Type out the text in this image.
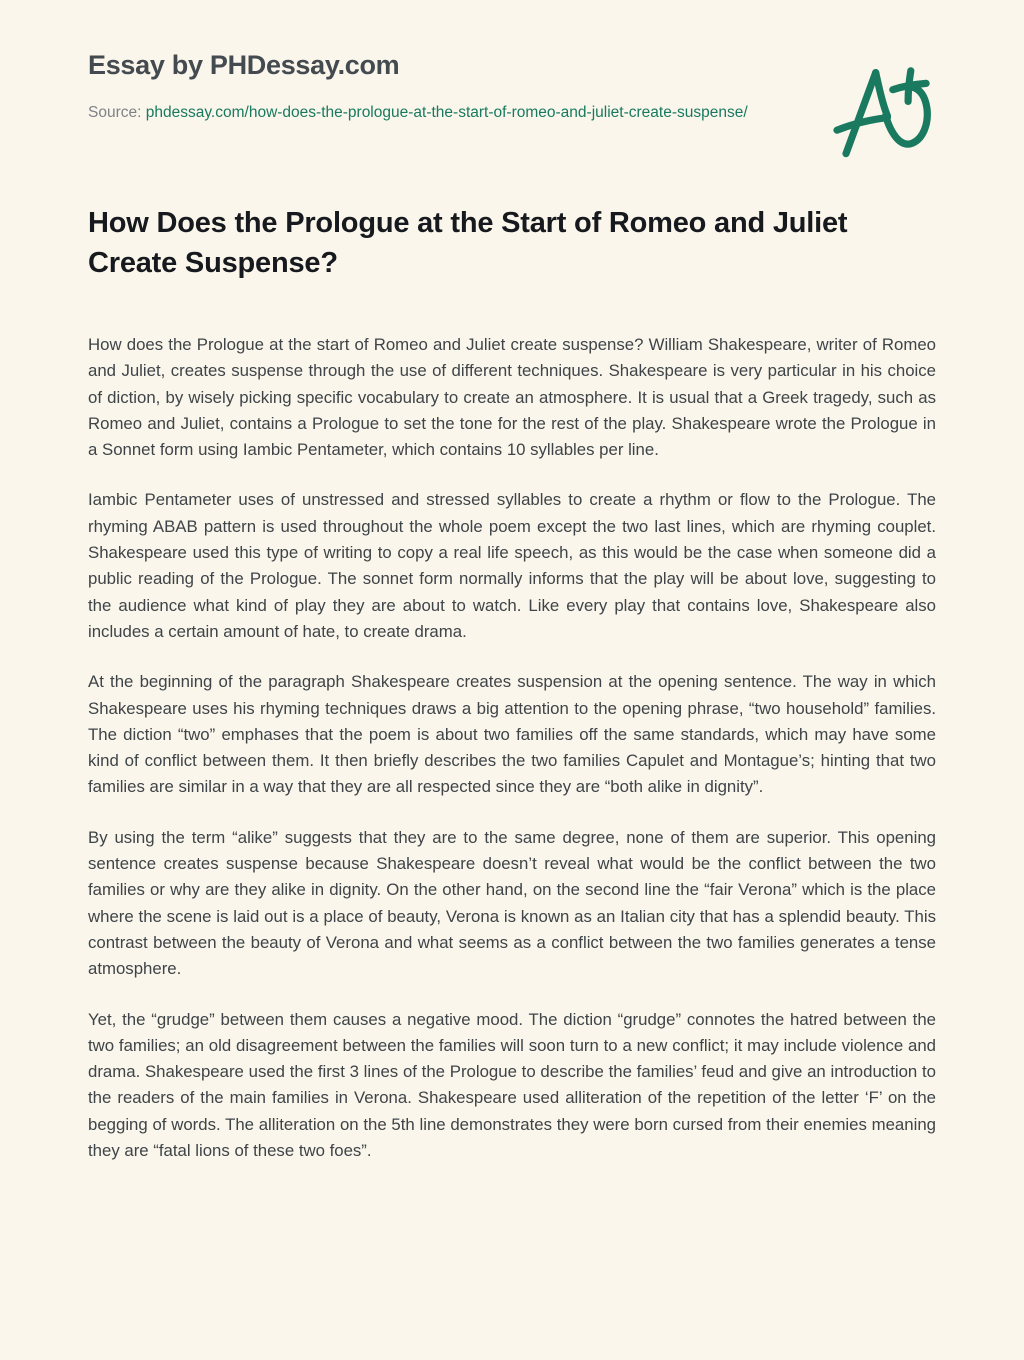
Essay by PHDessay.com
Source: phdessay.com/how-does-the-prologue-at-the-start-of-romeo-and-juliet-create-suspense/
How Does the Prologue at the Start of Romeo and Juliet Create Suspense?

How does the Prologue at the start of Romeo and Juliet create suspense? William Shakespeare, writer of Romeo and Juliet, creates suspense through the use of different techniques. Shakespeare is very particular in his choice of diction, by wisely picking specific vocabulary to create an atmosphere. It is usual that a Greek tragedy, such as Romeo and Juliet, contains a Prologue to set the tone for the rest of the play. Shakespeare wrote the Prologue in a Sonnet form using Iambic Pentameter, which contains 10 syllables per line.

Iambic Pentameter uses of unstressed and stressed syllables to create a rhythm or flow to the Prologue. The rhyming ABAB pattern is used throughout the whole poem except the two last lines, which are rhyming couplet. Shakespeare used this type of writing to copy a real life speech, as this would be the case when someone did a public reading of the Prologue. The sonnet form normally informs that the play will be about love, suggesting to the audience what kind of play they are about to watch. Like every play that contains love, Shakespeare also includes a certain amount of hate, to create drama.

At the beginning of the paragraph Shakespeare creates suspension at the opening sentence. The way in which Shakespeare uses his rhyming techniques draws a big attention to the opening phrase, “two household” families. The diction “two” emphases that the poem is about two families off the same standards, which may have some kind of conflict between them. It then briefly describes the two families Capulet and Montague’s; hinting that two families are similar in a way that they are all respected since they are “both alike in dignity”.

By using the term “alike” suggests that they are to the same degree, none of them are superior. This opening sentence creates suspense because Shakespeare doesn’t reveal what would be the conflict between the two families or why are they alike in dignity. On the other hand, on the second line the “fair Verona” which is the place where the scene is laid out is a place of beauty, Verona is known as an Italian city that has a splendid beauty. This contrast between the beauty of Verona and what seems as a conflict between the two families generates a tense atmosphere.

Yet, the “grudge” between them causes a negative mood. The diction “grudge” connotes the hatred between the two families; an old disagreement between the families will soon turn to a new conflict; it may include violence and drama. Shakespeare used the first 3 lines of the Prologue to describe the families’ feud and give an introduction to the readers of the main families in Verona. Shakespeare used alliteration of the repetition of the letter ‘F’ on the begging of words. The alliteration on the 5th line demonstrates they were born cursed from their enemies meaning they are “fatal lions of these two foes”.
